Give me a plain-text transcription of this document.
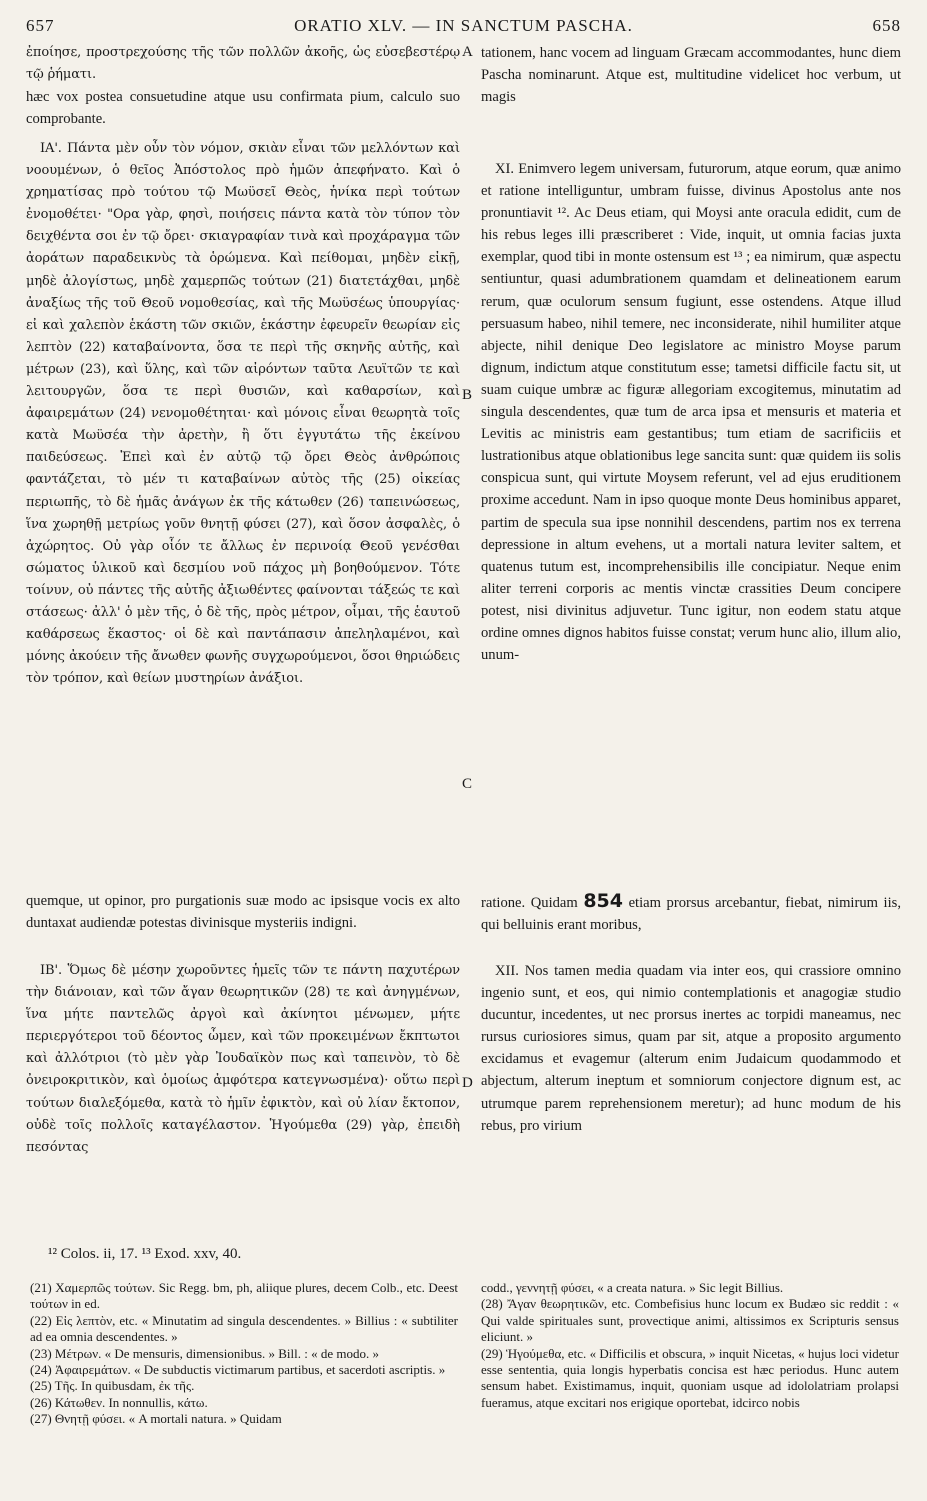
657	ORATIO XLV. — IN SANCTUM PASCHA.	658

ἐποίησε, προστρεχούσης τῆς τῶν πολλῶν ἀκοῆς, ὡς εὐσεβεστέρῳ τῷ ῥήματι.

hæc vox postea consuetudine atque usu confirmata pium, calculo suo comprobante.

ΙΑ'. Πάντα μὲν οὖν τὸν νόμον, σκιὰν εἶναι τῶν μελλόντων καὶ νοουμένων, ὁ θεῖος Ἀπόστολος πρὸ ἡμῶν ἀπεφήνατο. Καὶ ὁ χρηματίσας πρὸ τούτου τῷ Μωϋσεῖ Θεὸς, ἡνίκα περὶ τούτων ἐνομοθέτει· "Ορα γὰρ, φησὶ, ποιήσεις πάντα κατὰ τὸν τύπον τὸν δειχθέντα σοι ἐν τῷ ὄρει· σκιαγραφίαν τινὰ καὶ προχάραγμα τῶν ἀοράτων παραδεικνὺς τὰ ὁρώμενα. Καὶ πείθομαι, μηδὲν εἰκῇ, μηδὲ ἀλογίστως, μηδὲ χαμερπῶς τούτων (21) διατετάχθαι, μηδὲ ἀναξίως τῆς τοῦ Θεοῦ νομοθεσίας, καὶ τῆς Μωϋσέως ὑπουργίας· εἰ καὶ χαλεπὸν ἑκάστη τῶν σκιῶν, ἑκάστην ἐφευρεῖν θεωρίαν εἰς λεπτὸν (22) καταβαίνοντα, ὅσα τε περὶ τῆς σκηνῆς αὐτῆς, καὶ μέτρων (23), καὶ ὕλης, καὶ τῶν αἰρόντων ταῦτα Λευϊτῶν τε καὶ λειτουργῶν, ὅσα τε περὶ θυσιῶν, καὶ καθαρσίων, καὶ ἀφαιρεμάτων (24) νενομοθέτηται· καὶ μόνοις εἶναι θεωρητὰ τοῖς κατὰ Μωϋσέα τὴν ἀρετὴν, ἢ ὅτι ἐγγυτάτω τῆς ἐκείνου παιδεύσεως. Ἐπεὶ καὶ ἐν αὐτῷ τῷ ὄρει Θεὸς ἀνθρώποις φαντάζεται, τὸ μέν τι καταβαίνων αὐτὸς τῆς (25) οἰκείας περιωπῆς, τὸ δὲ ἡμᾶς ἀνάγων ἐκ τῆς κάτωθεν (26) ταπεινώσεως, ἵνα χωρηθῇ μετρίως γοῦν θνητῇ φύσει (27), καὶ ὅσον ἀσφαλὲς, ὁ ἀχώρητος. Οὐ γὰρ οἷόν τε ἄλλως ἐν περινοίᾳ Θεοῦ γενέσθαι σώματος ὑλικοῦ καὶ δεσμίου νοῦ πάχος μὴ βοηθούμενον. Τότε τοίνυν, οὐ πάντες τῆς αὐτῆς ἀξιωθέντες φαίνονται τάξεώς τε καὶ στάσεως· ἀλλ' ὁ μὲν τῆς, ὁ δὲ τῆς, πρὸς μέτρον, οἶμαι, τῆς ἑαυτοῦ καθάρσεως ἕκαστος· οἱ δὲ καὶ παντάπασιν ἀπεληλαμένοι, καὶ μόνης ἀκούειν τῆς ἄνωθεν φωνῆς συγχωρούμενοι, ὅσοι θηριώδεις τὸν τρόπον, καὶ θείων μυστηρίων ἀνάξιοι.

quemque, ut opinor, pro purgationis suæ modo ac ipsisque vocis ex alto duntaxat audiendæ potestas divinisque mysteriis indigni.

ΙΒ'. Ὅμως δὲ μέσην χωροῦντες ἡμεῖς τῶν τε πάντη παχυτέρων τὴν διάνοιαν, καὶ τῶν ἄγαν θεωρητικῶν (28) τε καὶ ἀνηγμένων, ἵνα μήτε παντελῶς ἀργοὶ καὶ ἀκίνητοι μένωμεν, μήτε περιεργότεροι τοῦ δέοντος ὦμεν, καὶ τῶν προκειμένων ἔκπτωτοι καὶ ἀλλότριοι (τὸ μὲν γὰρ Ἰουδαϊκὸν πως καὶ ταπεινὸν, τὸ δὲ ὀνειροκριτικὸν, καὶ ὁμοίως ἀμφότερα κατεγνωσμένα)· οὕτω περὶ τούτων διαλεξόμεθα, κατὰ τὸ ἡμῖν ἐφικτὸν, καὶ οὐ λίαν ἔκτοπον, οὐδὲ τοῖς πολλοῖς καταγέλαστον. Ἡγούμεθα (29) γὰρ, ἐπειδὴ πεσόντας

tationem, hanc vocem ad linguam Græcam accommodantes, hunc diem Pascha nominarunt. Atque est, multitudine videlicet hoc verbum, ut magis

XI. Enimvero legem universam, futurorum, atque eorum, quæ animo et ratione intelliguntur, umbram fuisse, divinus Apostolus ante nos pronuntiavit ¹². Ac Deus etiam, qui Moysi ante oracula edidit, cum de his rebus leges illi præscriberet : Vide, inquit, ut omnia facias juxta exemplar, quod tibi in monte ostensum est ¹³ ; ea nimirum, quæ aspectu sentiuntur, quasi adumbrationem quamdam et delineationem earum rerum, quæ oculorum sensum fugiunt, esse ostendens. Atque illud persuasum habeo, nihil temere, nec inconsiderate, nihil humiliter atque abjecte, nihil denique Deo legislatore ac ministro Moyse parum dignum, indictum atque constitutum esse; tametsi difficile factu sit, ut suam cuique umbræ ac figuræ allegoriam excogitemus, minutatim ad singula descendentes, quæ tum de arca ipsa et mensuris et materia et Levitis ac ministris eam gestantibus; tum etiam de sacrificiis et lustrationibus atque oblationibus lege sancita sunt: quæ quidem iis solis conspicua sunt, qui virtute Moysem referunt, vel ad ejus eruditionem proxime accedunt. Nam in ipso quoque monte Deus hominibus apparet, partim de specula sua ipse nonnihil descendens, partim nos ex terrena depressione in altum evehens, ut a mortali natura leviter saltem, et quatenus tutum est, incomprehensibilis ille concipiatur. Neque enim aliter terreni corporis ac mentis vinctæ crassities Deum concipere potest, nisi divinitus adjuvetur. Tunc igitur, non eodem statu atque ordine omnes dignos habitos fuisse constat; verum hunc alio, illum alio, unum-

ratione. Quidam 854 etiam prorsus arcebantur, fiebat, nimirum iis, qui belluinis erant moribus,

XII. Nos tamen media quadam via inter eos, qui crassiore omnino ingenio sunt, et eos, qui nimio contemplationis et anagogiæ studio ducuntur, incedentes, ut nec prorsus inertes ac torpidi maneamus, nec rursus curiosiores simus, quam par sit, atque a proposito argumento excidamus et evagemur (alterum enim Judaicum quodammodo et abjectum, alterum ineptum et somniorum conjectore dignum est, ac utrumque parem reprehensionem meretur); ad hunc modum de his rebus, pro virium

A
B
C
D
¹² Colos. ii, 17. ¹³ Exod. xxv, 40.

(21) Χαμερπῶς τούτων. Sic Regg. bm, ph, aliique plures, decem Colb., etc. Deest τούτων in ed.

(22) Εἰς λεπτὸν, etc. « Minutatim ad singula descendentes. » Billius : « subtiliter ad ea omnia descendentes. »

(23) Μέτρων. « De mensuris, dimensionibus. » Bill. : « de modo. »

(24) Ἀφαιρεμάτων. « De subductis victimarum partibus, et sacerdoti ascriptis. »

(25) Τῆς. In quibusdam, ἐκ τῆς.

(26) Κάτωθεν. In nonnullis, κάτω.

(27) Θνητῇ φύσει. « A mortali natura. » Quidam

codd., γεννητῇ φύσει, « a creata natura. » Sic legit Billius.

(28) Ἄγαν θεωρητικῶν, etc. Combefisius hunc locum ex Budæo sic reddit : « Qui valde spirituales sunt, provectique animi, altissimos ex Scripturis sensus eliciunt. »

(29) Ἡγούμεθα, etc. « Difficilis et obscura, » inquit Nicetas, « hujus loci videtur esse sententia, quia longis hyperbatis concisa est hæc periodus. Hunc autem sensum habet. Existimamus, inquit, quoniam usque ad idololatriam prolapsi fueramus, atque excitari nos erigique oportebat, idcirco nobis
